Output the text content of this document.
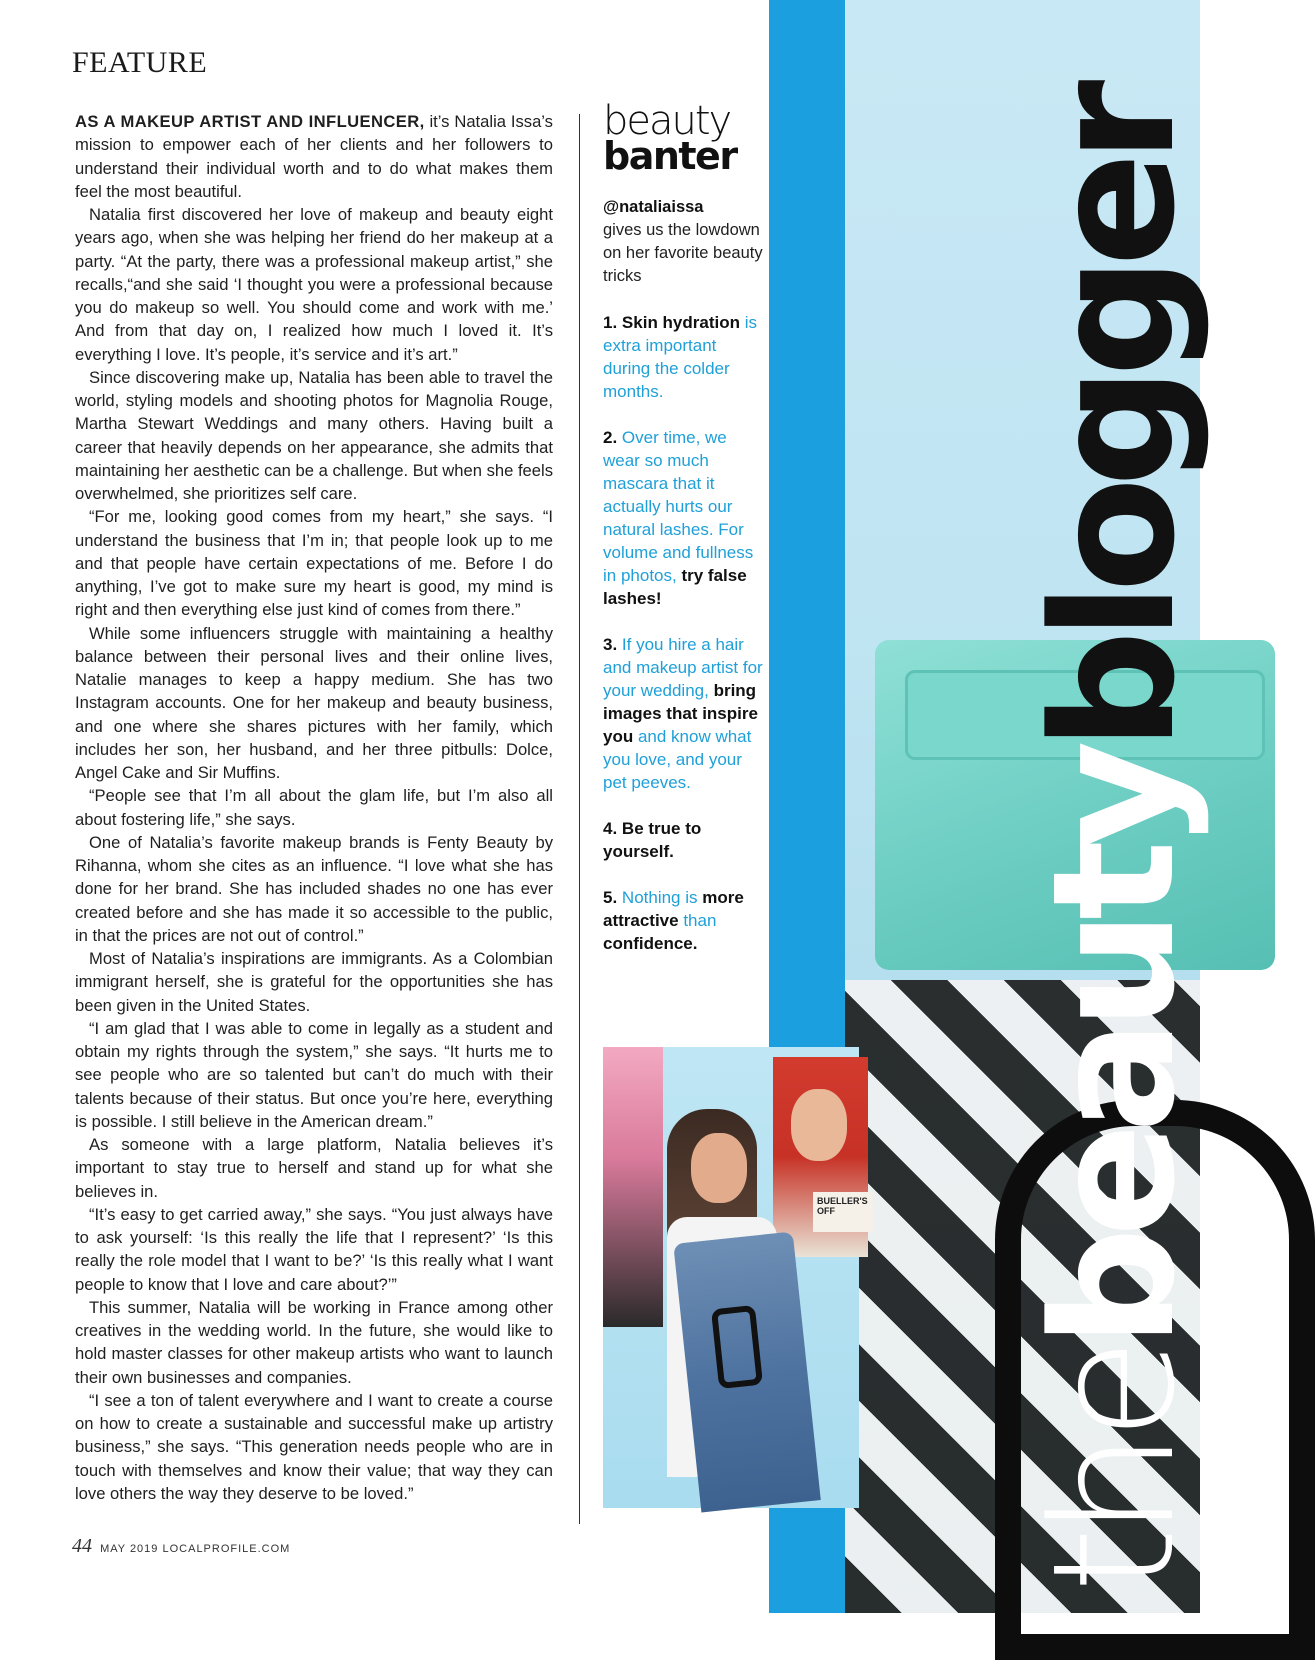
FEATURE

AS A MAKEUP ARTIST AND INFLUENCER, it’s Natalia Issa’s mission to empower each of her clients and her followers to understand their individual worth and to do what makes them feel the most beautiful.

Natalia first discovered her love of makeup and beauty eight years ago, when she was helping her friend do her makeup at a party. “At the party, there was a professional makeup artist,” she recalls,“and she said ‘I thought you were a professional because you do makeup so well. You should come and work with me.’ And from that day on, I realized how much I loved it. It’s everything I love. It’s people, it’s service and it’s art.”

Since discovering make up, Natalia has been able to travel the world, styling models and shooting photos for Magnolia Rouge, Martha Stewart Weddings and many others. Having built a career that heavily depends on her appearance, she admits that maintaining her aesthetic can be a challenge. But when she feels overwhelmed, she prioritizes self care.

“For me, looking good comes from my heart,” she says. “I understand the business that I’m in; that people look up to me and that people have certain expectations of me. Before I do anything, I’ve got to make sure my heart is good, my mind is right and then everything else just kind of comes from there.”

While some influencers struggle with maintaining a healthy balance between their personal lives and their online lives, Natalie manages to keep a happy medium. She has two Instagram accounts. One for her makeup and beauty business, and one where she shares pictures with her family, which includes her son, her husband, and her three pitbulls: Dolce, Angel Cake and Sir Muffins.

“People see that I’m all about the glam life, but I’m also all about fostering life,” she says.

One of Natalia’s favorite makeup brands is Fenty Beauty by Rihanna, whom she cites as an influence. “I love what she has done for her brand. She has included shades no one has ever created before and she has made it so accessible to the public, in that the prices are not out of control.”

Most of Natalia’s inspirations are immigrants. As a Colombian immigrant herself, she is grateful for the opportunities she has been given in the United States.

“I am glad that I was able to come in legally as a student and obtain my rights through the system,” she says. “It hurts me to see people who are so talented but can’t do much with their talents because of their status. But once you’re here, everything is possible. I still believe in the American dream.”

As someone with a large platform, Natalia believes it’s important to stay true to herself and stand up for what she believes in.

“It’s easy to get carried away,” she says. “You just always have to ask yourself: ‘Is this really the life that I represent?’ ‘Is this really the role model that I want to be?’ ‘Is this really what I want people to know that I love and care about?’”

This summer, Natalia will be working in France among other creatives in the wedding world. In the future, she would like to hold master classes for other makeup artists who want to launch their own businesses and companies.

“I see a ton of talent everywhere and I want to create a course on how to create a sustainable and successful make up artistry business,” she says. “This generation needs people who are in touch with themselves and know their value; that way they can love others the way they deserve to be loved.”

beauty
banter
@nataliaissa
gives us the lowdown on her favorite beauty tricks
1. Skin hydration is extra important during the colder months.
2. Over time, we wear so much mascara that it actually hurts our natural lashes. For volume and fullness in photos, try false lashes!
3. If you hire a hair and makeup artist for your wedding, bring images that inspire you and know what you love, and your pet peeves.
4. Be true to yourself.
5. Nothing is more attractive than confidence.
thebeautyblogger
BUELLER'S OFF
44 MAY 2019 LOCALPROFILE.COM
